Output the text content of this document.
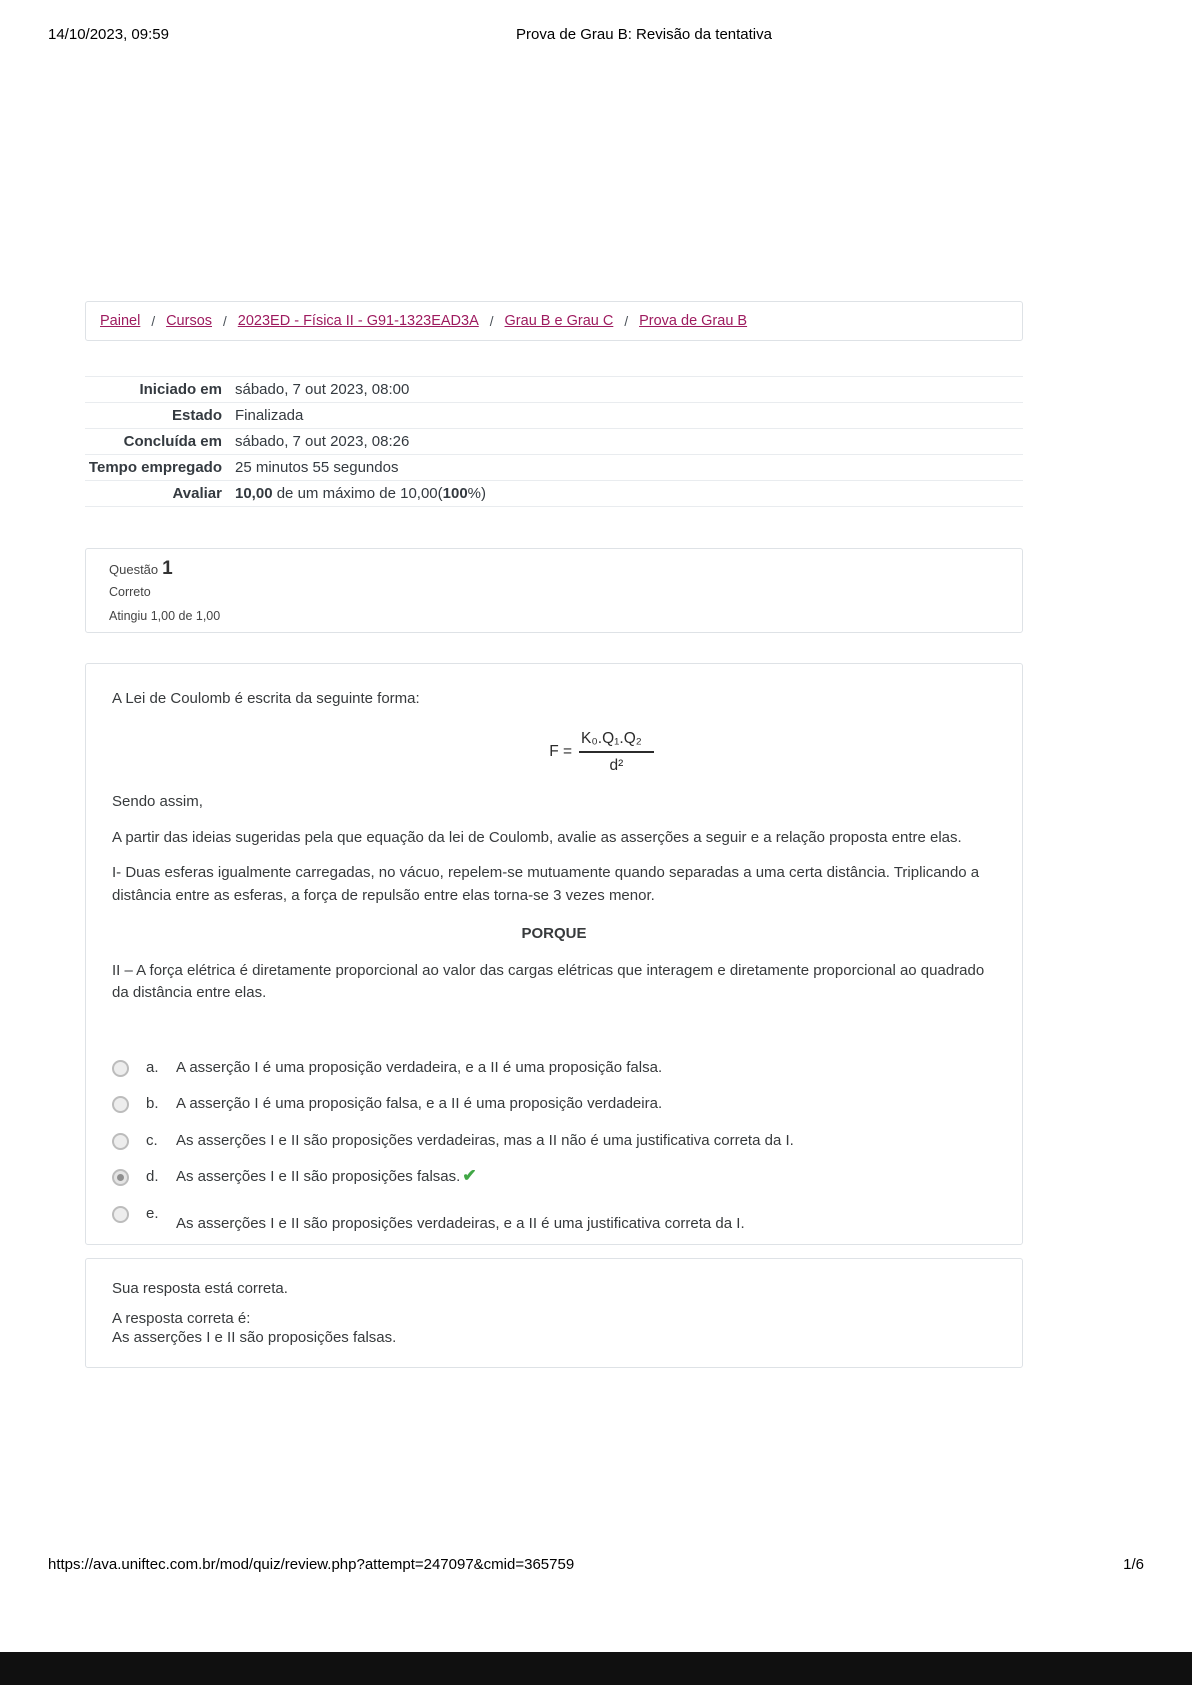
14/10/2023, 09:59	Prova de Grau B: Revisão da tentativa
Painel / Cursos / 2023ED - Física II - G91-1323EAD3A / Grau B e Grau C / Prova de Grau B
Iniciado em sábado, 7 out 2023, 08:00
Estado Finalizada
Concluída em sábado, 7 out 2023, 08:26
Tempo empregado 25 minutos 55 segundos
Avaliar 10,00 de um máximo de 10,00(100%)
Questão 1
Correto
Atingiu 1,00 de 1,00

A Lei de Coulomb é escrita da seguinte forma:

$F = \frac{\text{K₀.Q₁.Q₂}}{\text{d²}}$

Sendo assim,

A partir das ideias sugeridas pela que equação da lei de Coulomb, avalie as asserções a seguir e a relação proposta entre elas.

I- Duas esferas igualmente carregadas, no vácuo, repelem-se mutuamente quando separadas a uma certa distância. Triplicando a distância entre as esferas, a força de repulsão entre elas torna-se 3 vezes menor.

PORQUE

II – A força elétrica é diretamente proporcional ao valor das cargas elétricas que interagem e diretamente proporcional ao quadrado da distância entre elas.

a.	A asserção I é uma proposição verdadeira, e a II é uma proposição falsa.
b.	A asserção I é uma proposição falsa, e a II é uma proposição verdadeira.
c.	As asserções I e II são proposições verdadeiras, mas a II não é uma justificativa correta da I.
d.	As asserções I e II são proposições falsas. ✔
e.
As asserções I e II são proposições verdadeiras, e a II é uma justificativa correta da I.

Sua resposta está correta.

A resposta correta é:

As asserções I e II são proposições falsas.

https://ava.uniftec.com.br/mod/quiz/review.php?attempt=247097&cmid=365759	1/6
